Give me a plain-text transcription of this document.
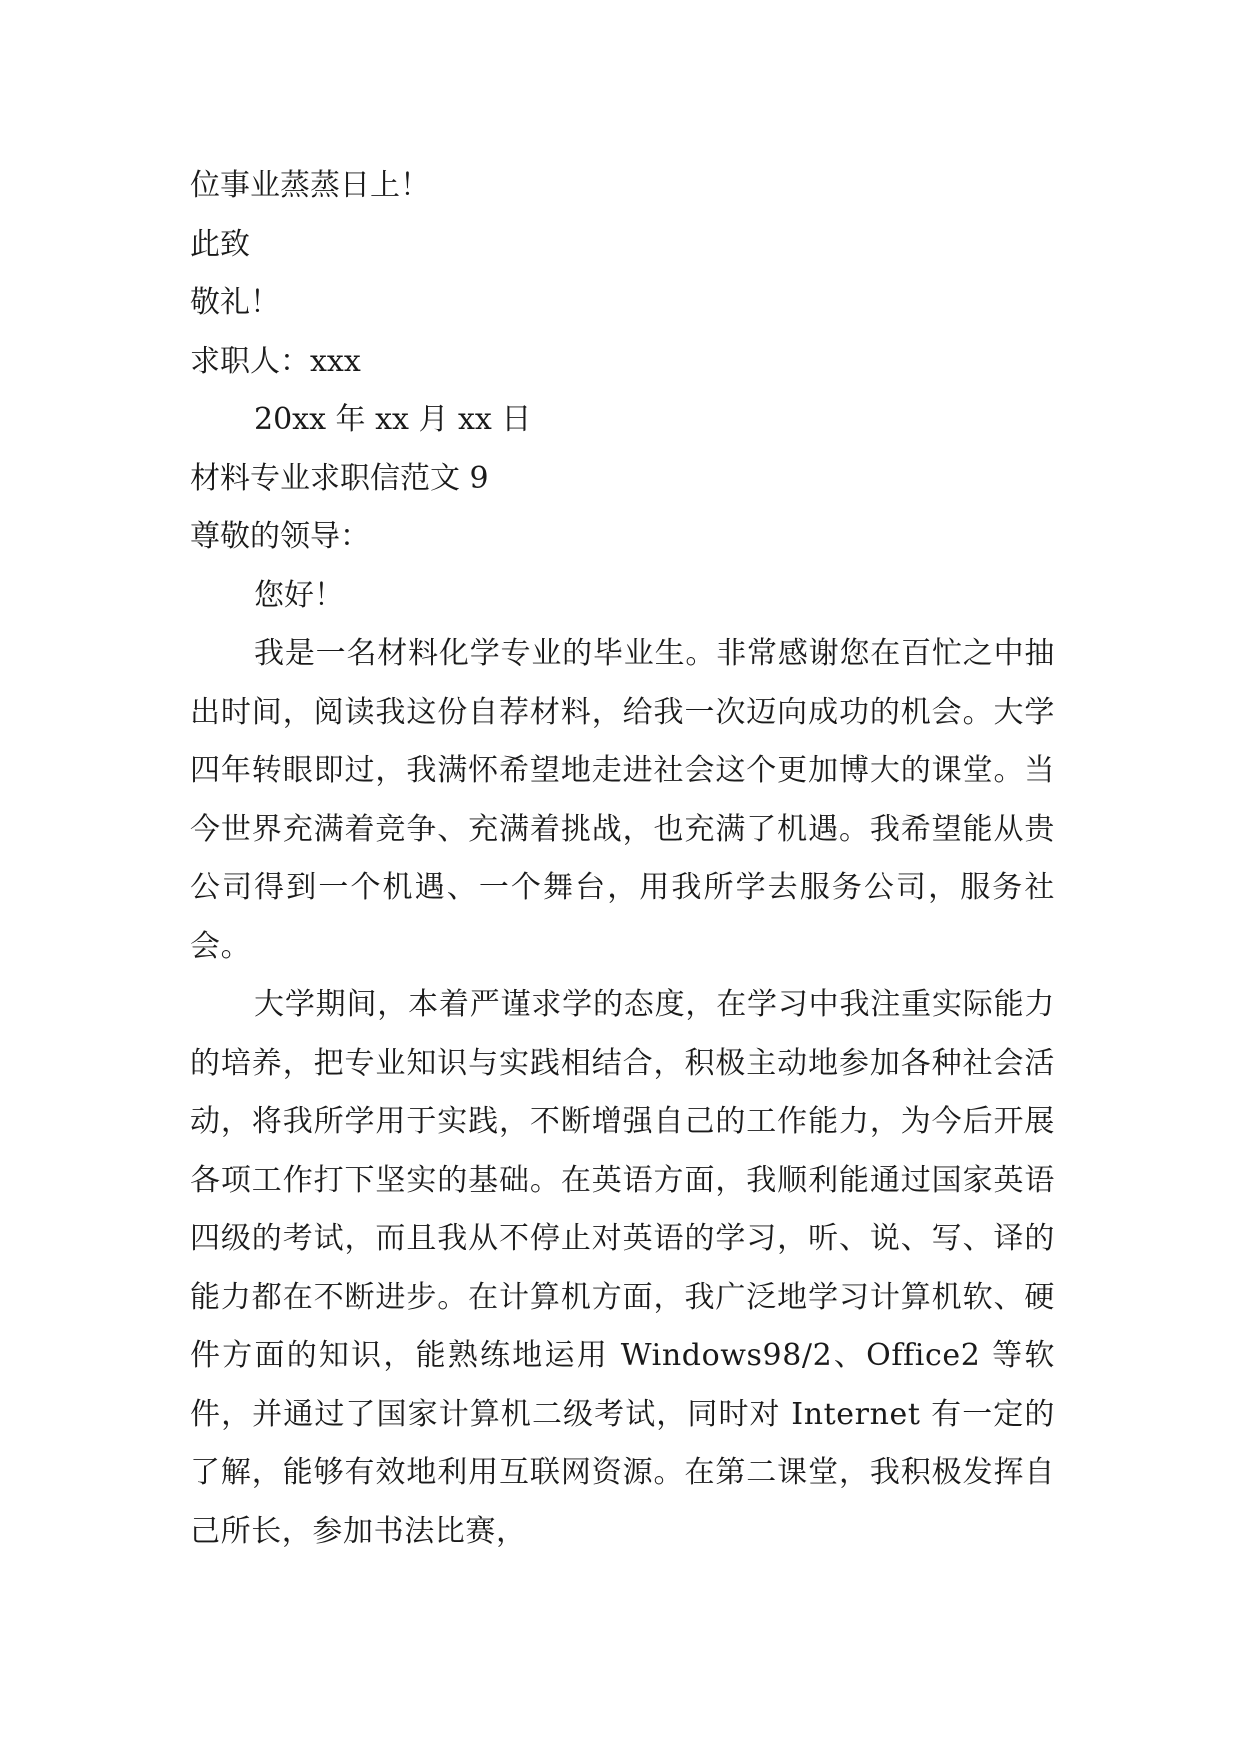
位事业蒸蒸日上！

此致

敬礼！

求职人：xxx

20xx 年 xx 月 xx 日

材料专业求职信范文 9

尊敬的领导：

您好！

我是一名材料化学专业的毕业生。非常感谢您在百忙之中抽出时间，阅读我这份自荐材料，给我一次迈向成功的机会。大学四年转眼即过，我满怀希望地走进社会这个更加博大的课堂。当今世界充满着竞争、充满着挑战，也充满了机遇。我希望能从贵公司得到一个机遇、一个舞台，用我所学去服务公司，服务社会。

大学期间，本着严谨求学的态度，在学习中我注重实际能力的培养，把专业知识与实践相结合，积极主动地参加各种社会活动，将我所学用于实践，不断增强自己的工作能力，为今后开展各项工作打下坚实的基础。在英语方面，我顺利能通过国家英语四级的考试，而且我从不停止对英语的学习，听、说、写、译的能力都在不断进步。在计算机方面，我广泛地学习计算机软、硬件方面的知识，能熟练地运用 Windows98/2、Office2 等软件，并通过了国家计算机二级考试，同时对 Internet 有一定的了解，能够有效地利用互联网资源。在第二课堂，我积极发挥自己所长，参加书法比赛，
